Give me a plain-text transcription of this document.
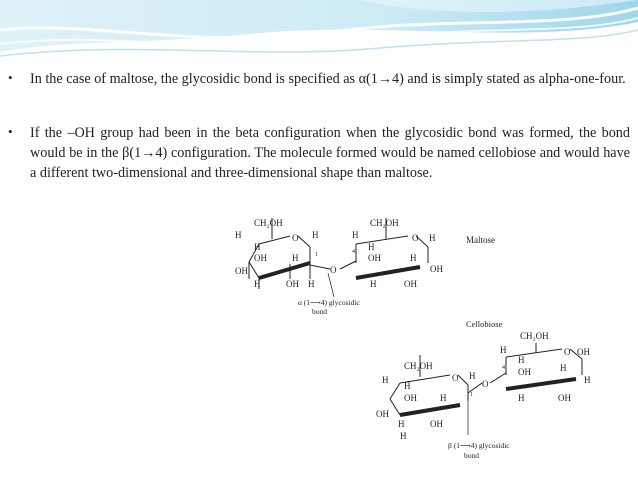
• In the case of maltose, the glycosidic bond is specified as α(1→4) and is simply stated as alpha-one-four.
• If the –OH group had been in the beta configuration when the glycosidic bond was formed, the bond would be in the β(1→4) configuration. The molecule formed would be named cellobiose and would have a different two-dimensional and three-dimensional shape than maltose.
CH₂OH
H
H
OH
OH
O H
H
H	OH H
1
O
CH₂OH
H
H
OH
O H
H
OH
H	OH
4
α (1⟶4) glycosidic
bond
Maltose
Cellobiose
CH₂OH
H
H
OH
OH
O
H
H	OH
H
H
1
O
CH₂OH
H
H
OH
O OH
H
H
H	OH
4
β (1⟶4) glycosidic
bond
